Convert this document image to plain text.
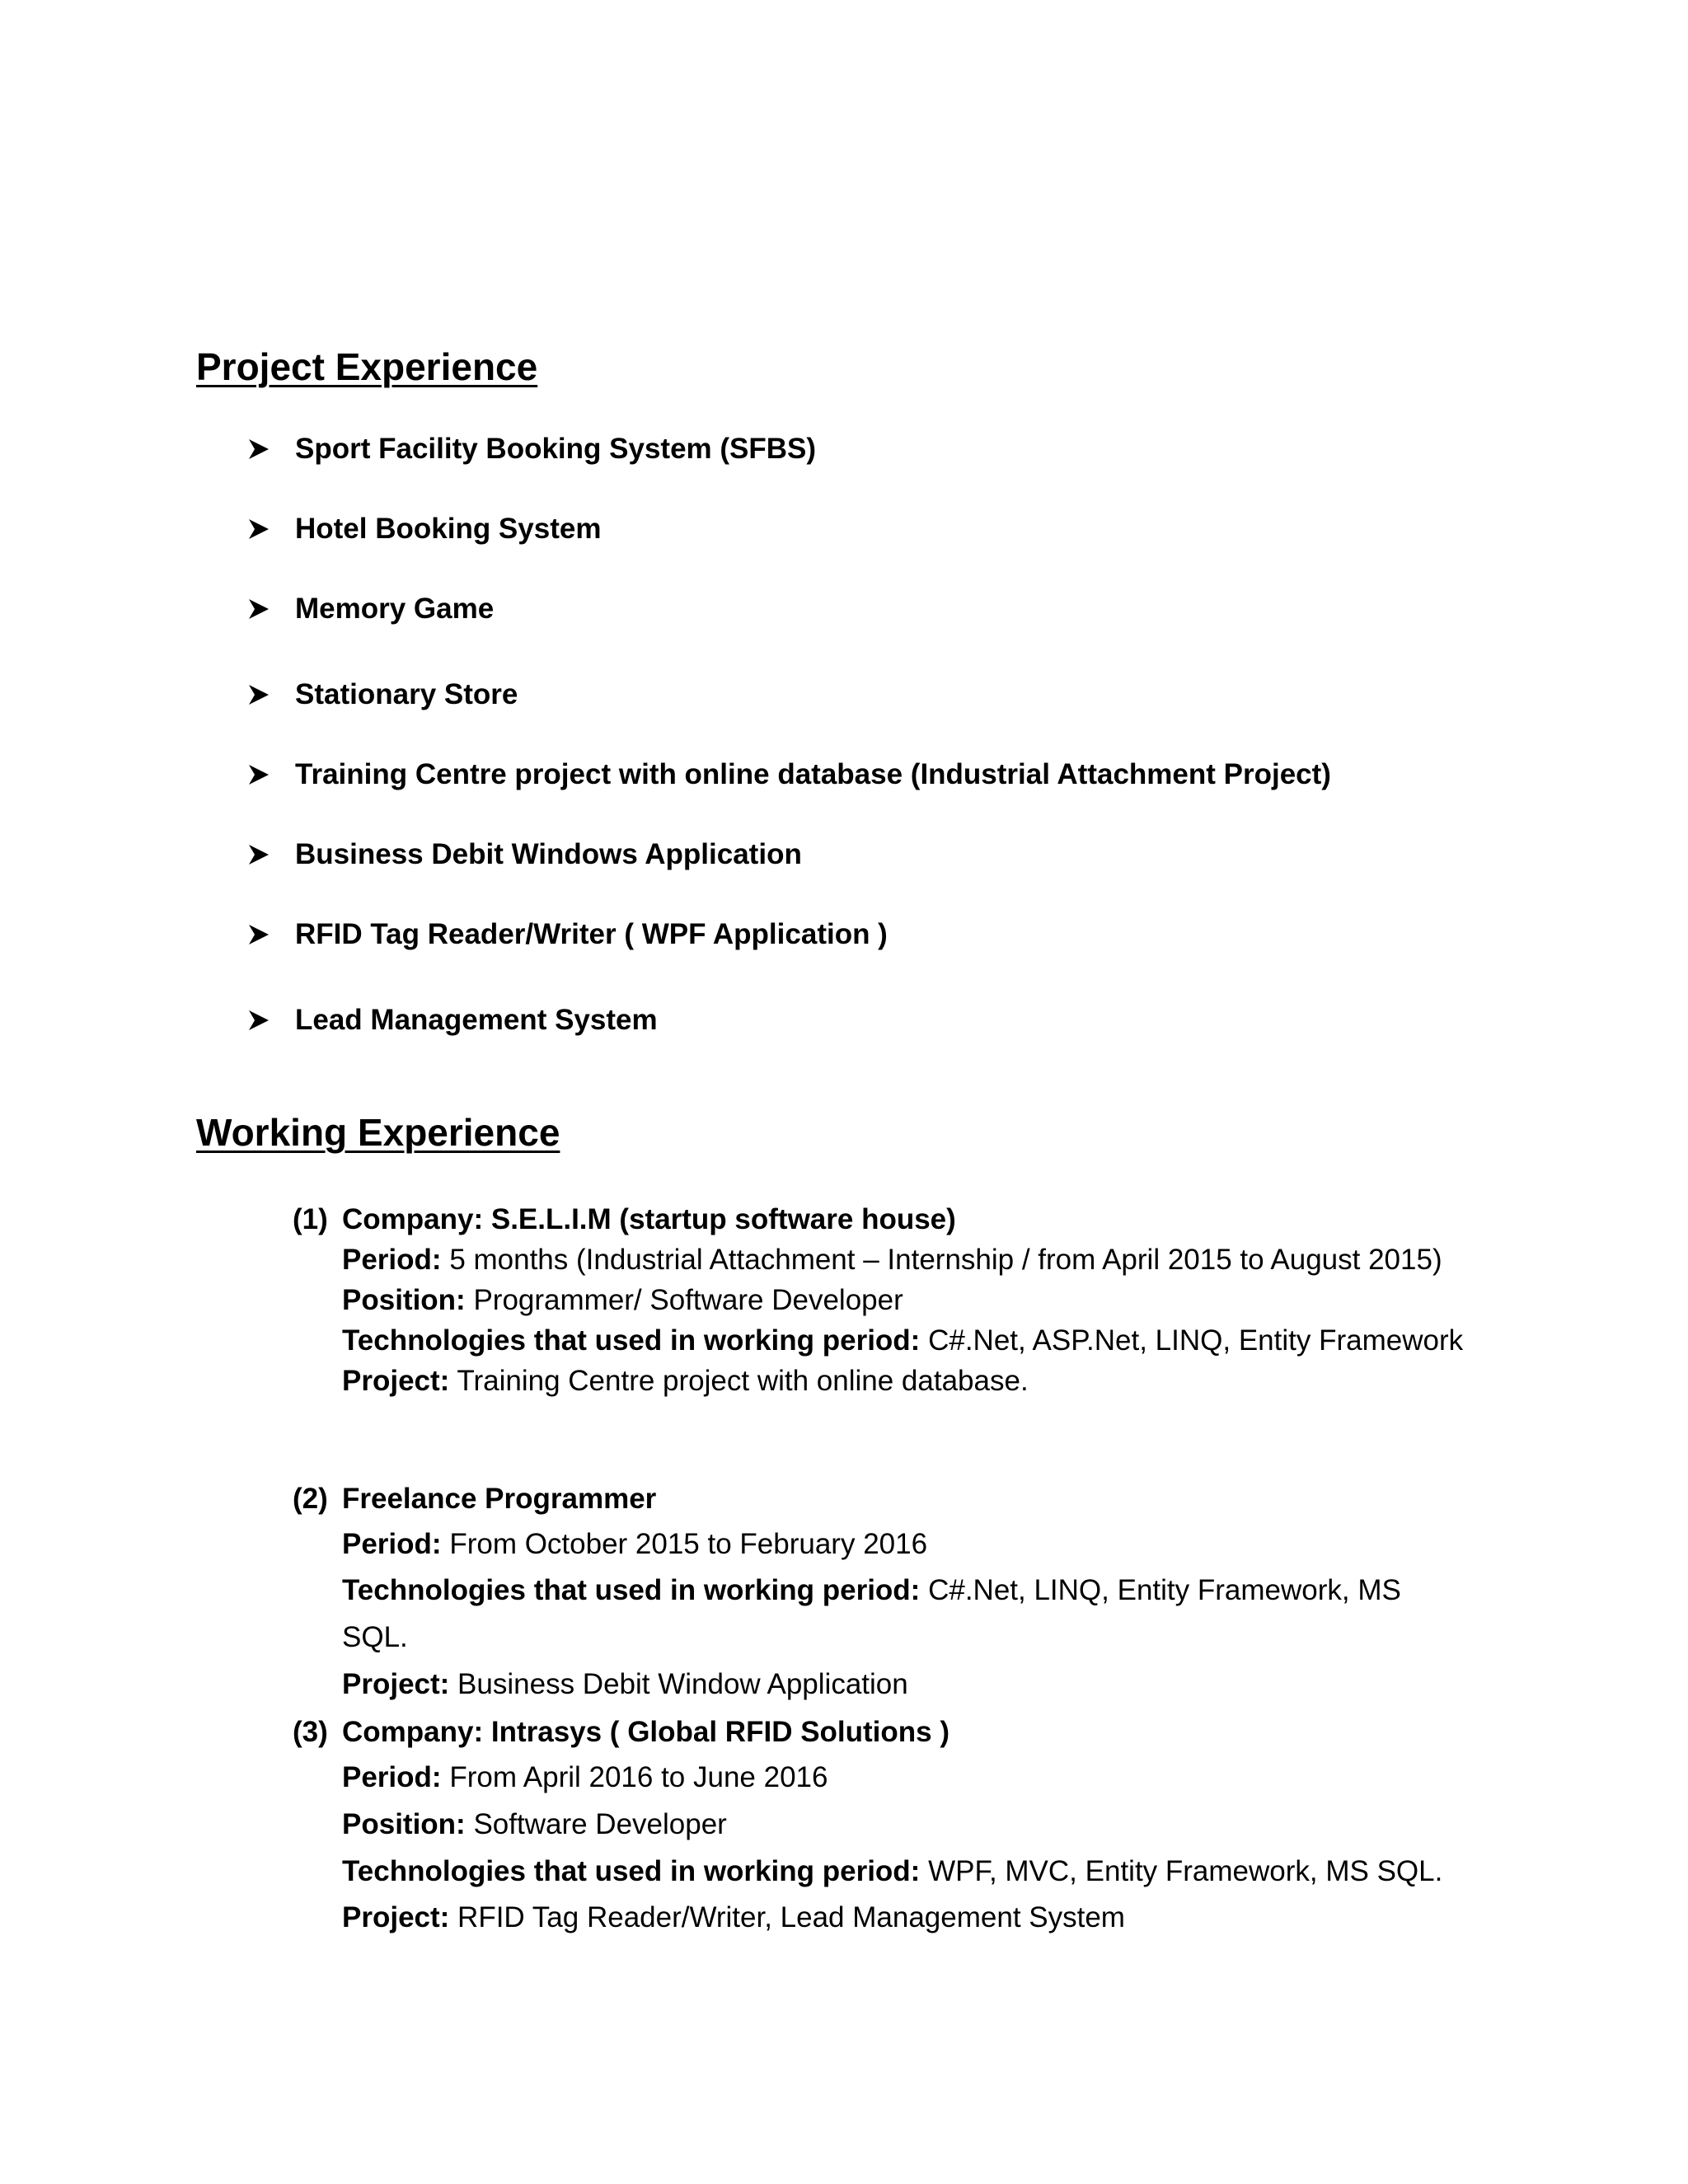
Project Experience
Sport Facility Booking System (SFBS)
Hotel Booking System
Memory Game
Stationary Store
Training Centre project with online database (Industrial Attachment Project)
Business Debit Windows Application
RFID Tag Reader/Writer ( WPF Application )
Lead Management System
Working Experience
(1) Company: S.E.L.I.M (startup software house)
Period: 5 months (Industrial Attachment – Internship / from April 2015 to August 2015)
Position: Programmer/ Software Developer
Technologies that used in working period: C#.Net, ASP.Net, LINQ, Entity Framework
Project: Training Centre project with online database.
(2) Freelance Programmer
Period: From October 2015 to February 2016
Technologies that used in working period: C#.Net, LINQ, Entity Framework, MS SQL.
Project: Business Debit Window Application
(3) Company: Intrasys ( Global RFID Solutions )
Period: From April 2016 to June 2016
Position: Software Developer
Technologies that used in working period: WPF, MVC, Entity Framework, MS SQL.
Project: RFID Tag Reader/Writer, Lead Management System
